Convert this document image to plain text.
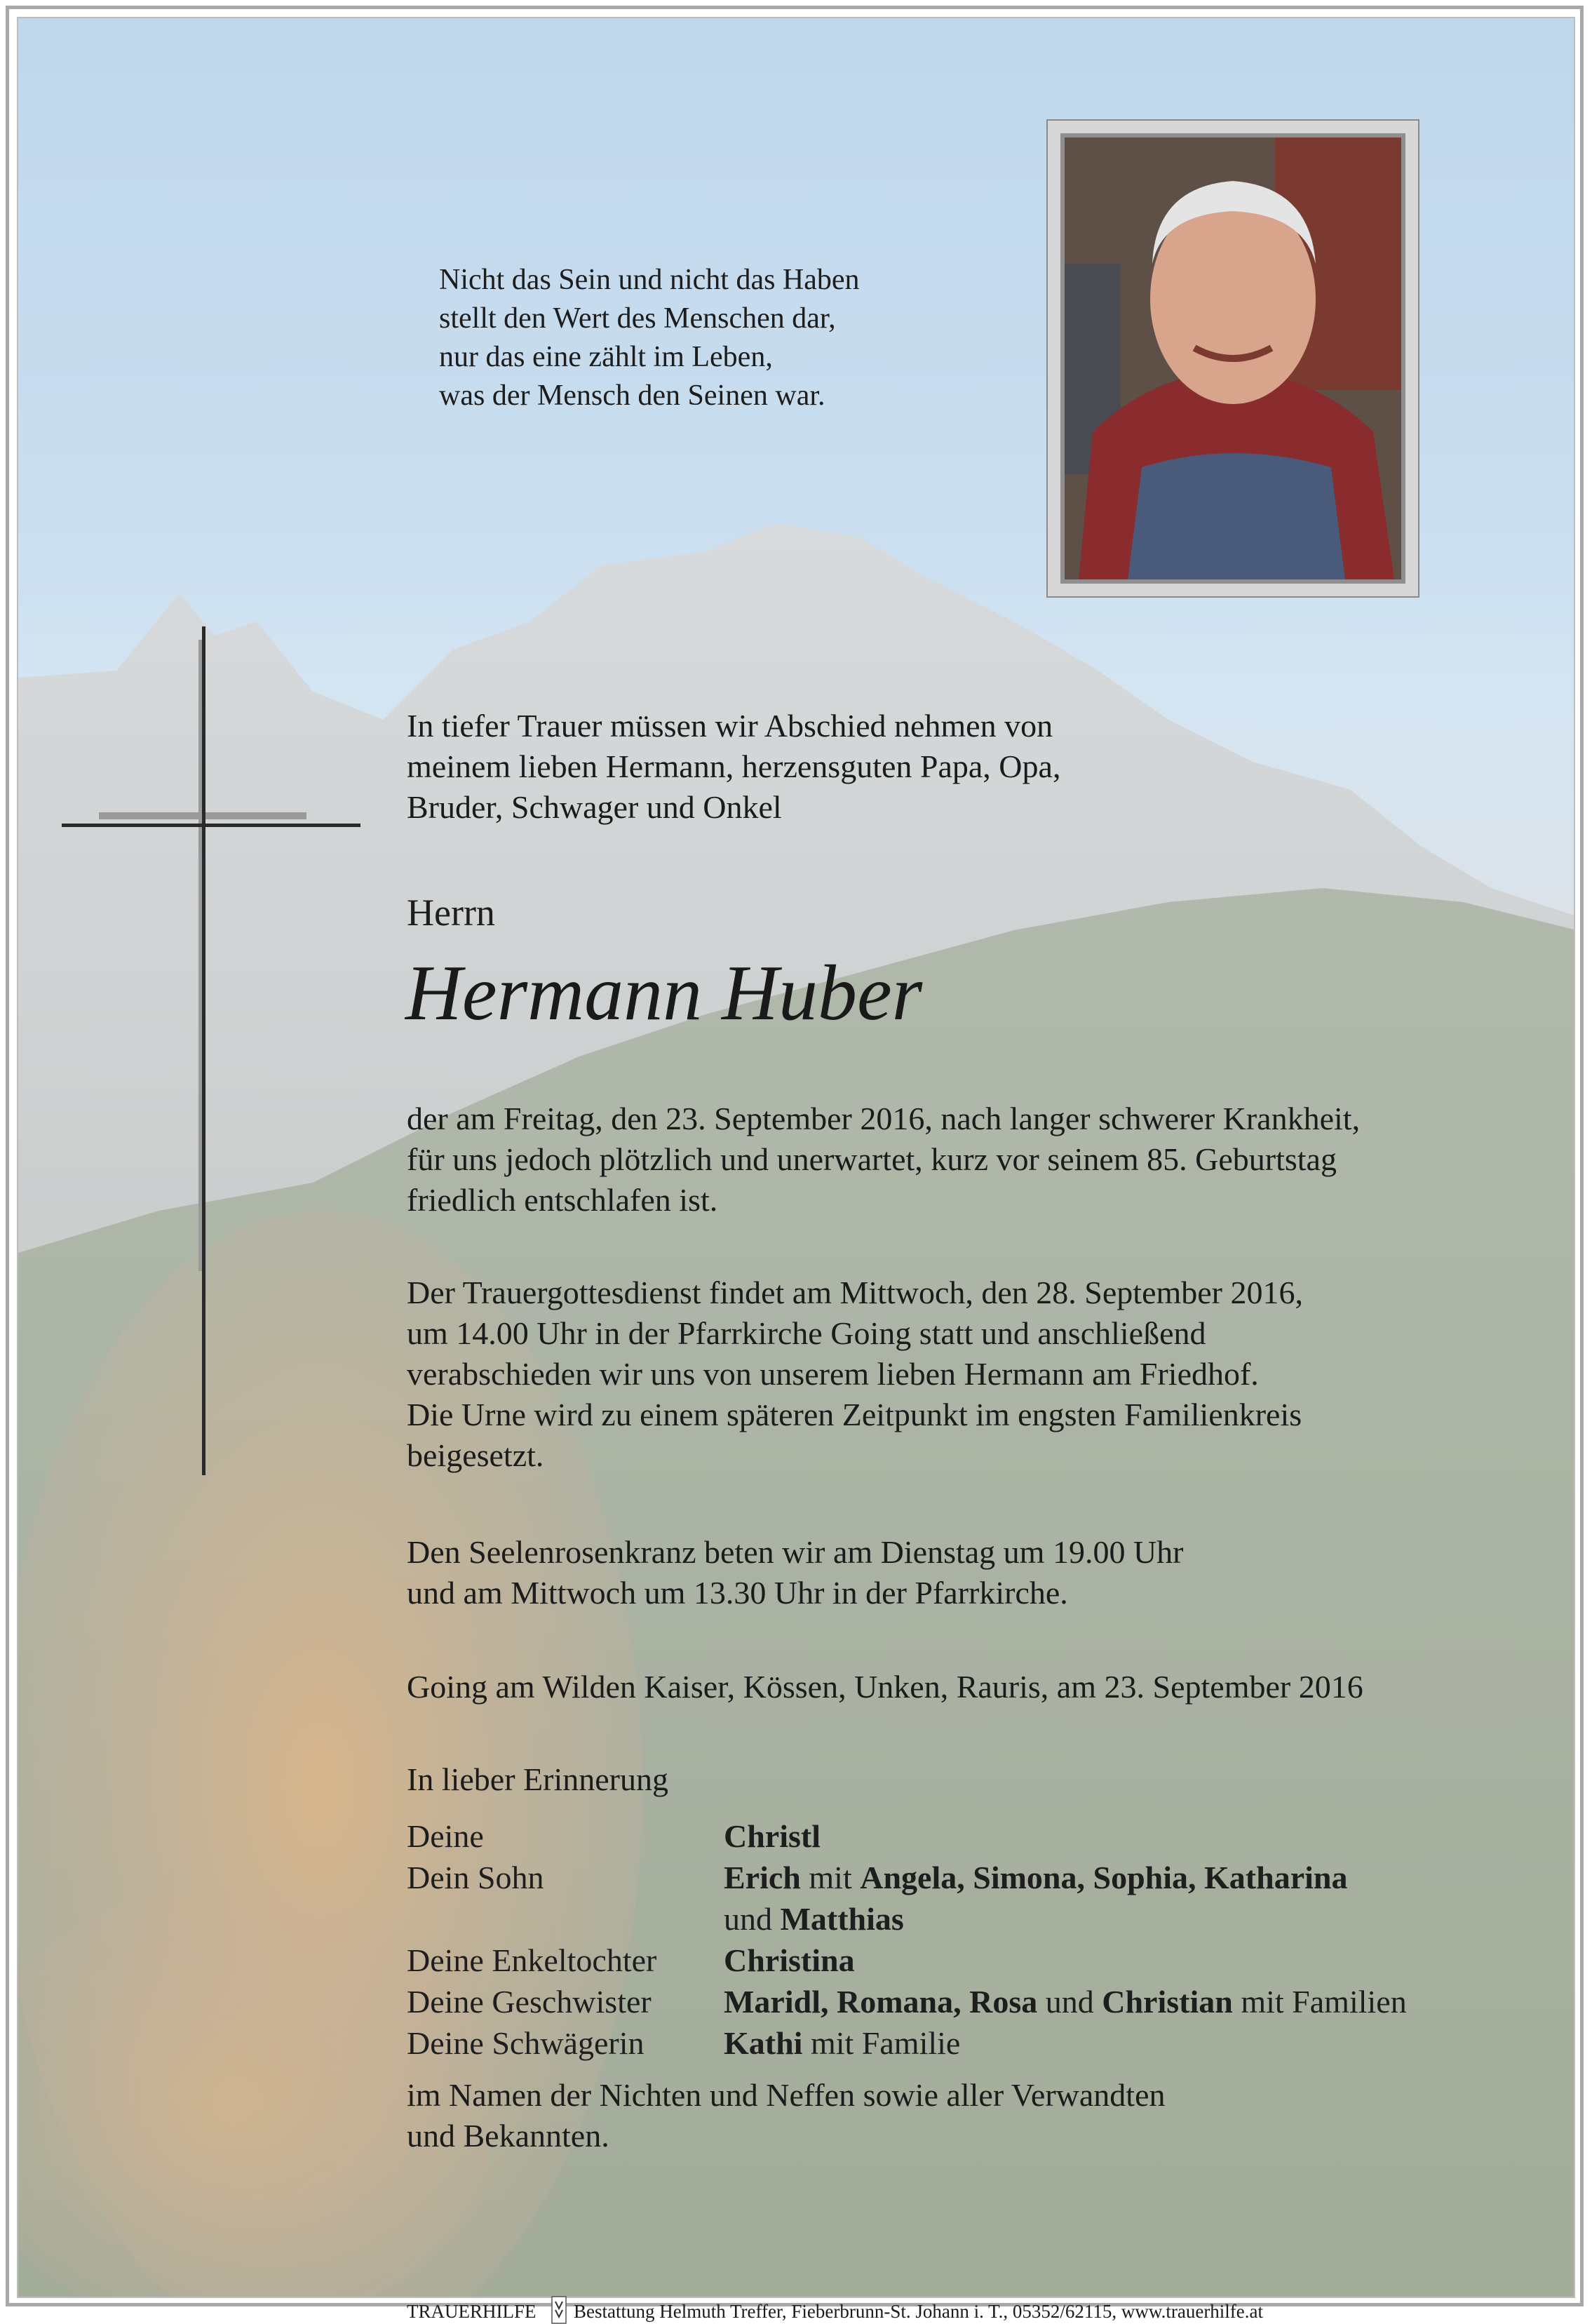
Nicht das Sein und nicht das Haben
stellt den Wert des Menschen dar,
nur das eine zählt im Leben,
was der Mensch den Seinen war.
In tiefer Trauer müssen wir Abschied nehmen von
meinem lieben Hermann, herzensguten Papa, Opa,
Bruder, Schwager und Onkel
Herrn
Hermann Huber
der am Freitag, den 23. September 2016, nach langer schwerer Krankheit,
für uns jedoch plötzlich und unerwartet, kurz vor seinem 85. Geburtstag
friedlich entschlafen ist.
Der Trauergottesdienst findet am Mittwoch, den 28. September 2016,
um 14.00 Uhr in der Pfarrkirche Going statt und anschließend
verabschieden wir uns von unserem lieben Hermann am Friedhof.
Die Urne wird zu einem späteren Zeitpunkt im engsten Familienkreis
beigesetzt.
Den Seelenrosenkranz beten wir am Dienstag um 19.00 Uhr
und am Mittwoch um 13.30 Uhr in der Pfarrkirche.
Going am Wilden Kaiser, Kössen, Unken, Rauris, am 23. September 2016
In lieber Erinnerung
Deine	Christl
Dein Sohn	Erich mit Angela, Simona, Sophia, Katharina
und Matthias
Deine Enkeltochter Christina
Deine Geschwister Maridl, Romana, Rosa und Christian mit Familien
Deine Schwägerin Kathi mit Familie
im Namen der Nichten und Neffen sowie aller Verwandten
und Bekannten.
TRAUERHILFE Bestattung Helmuth Treffer, Fieberbrunn-St. Johann i. T., 05352/62115, www.trauerhilfe.at
